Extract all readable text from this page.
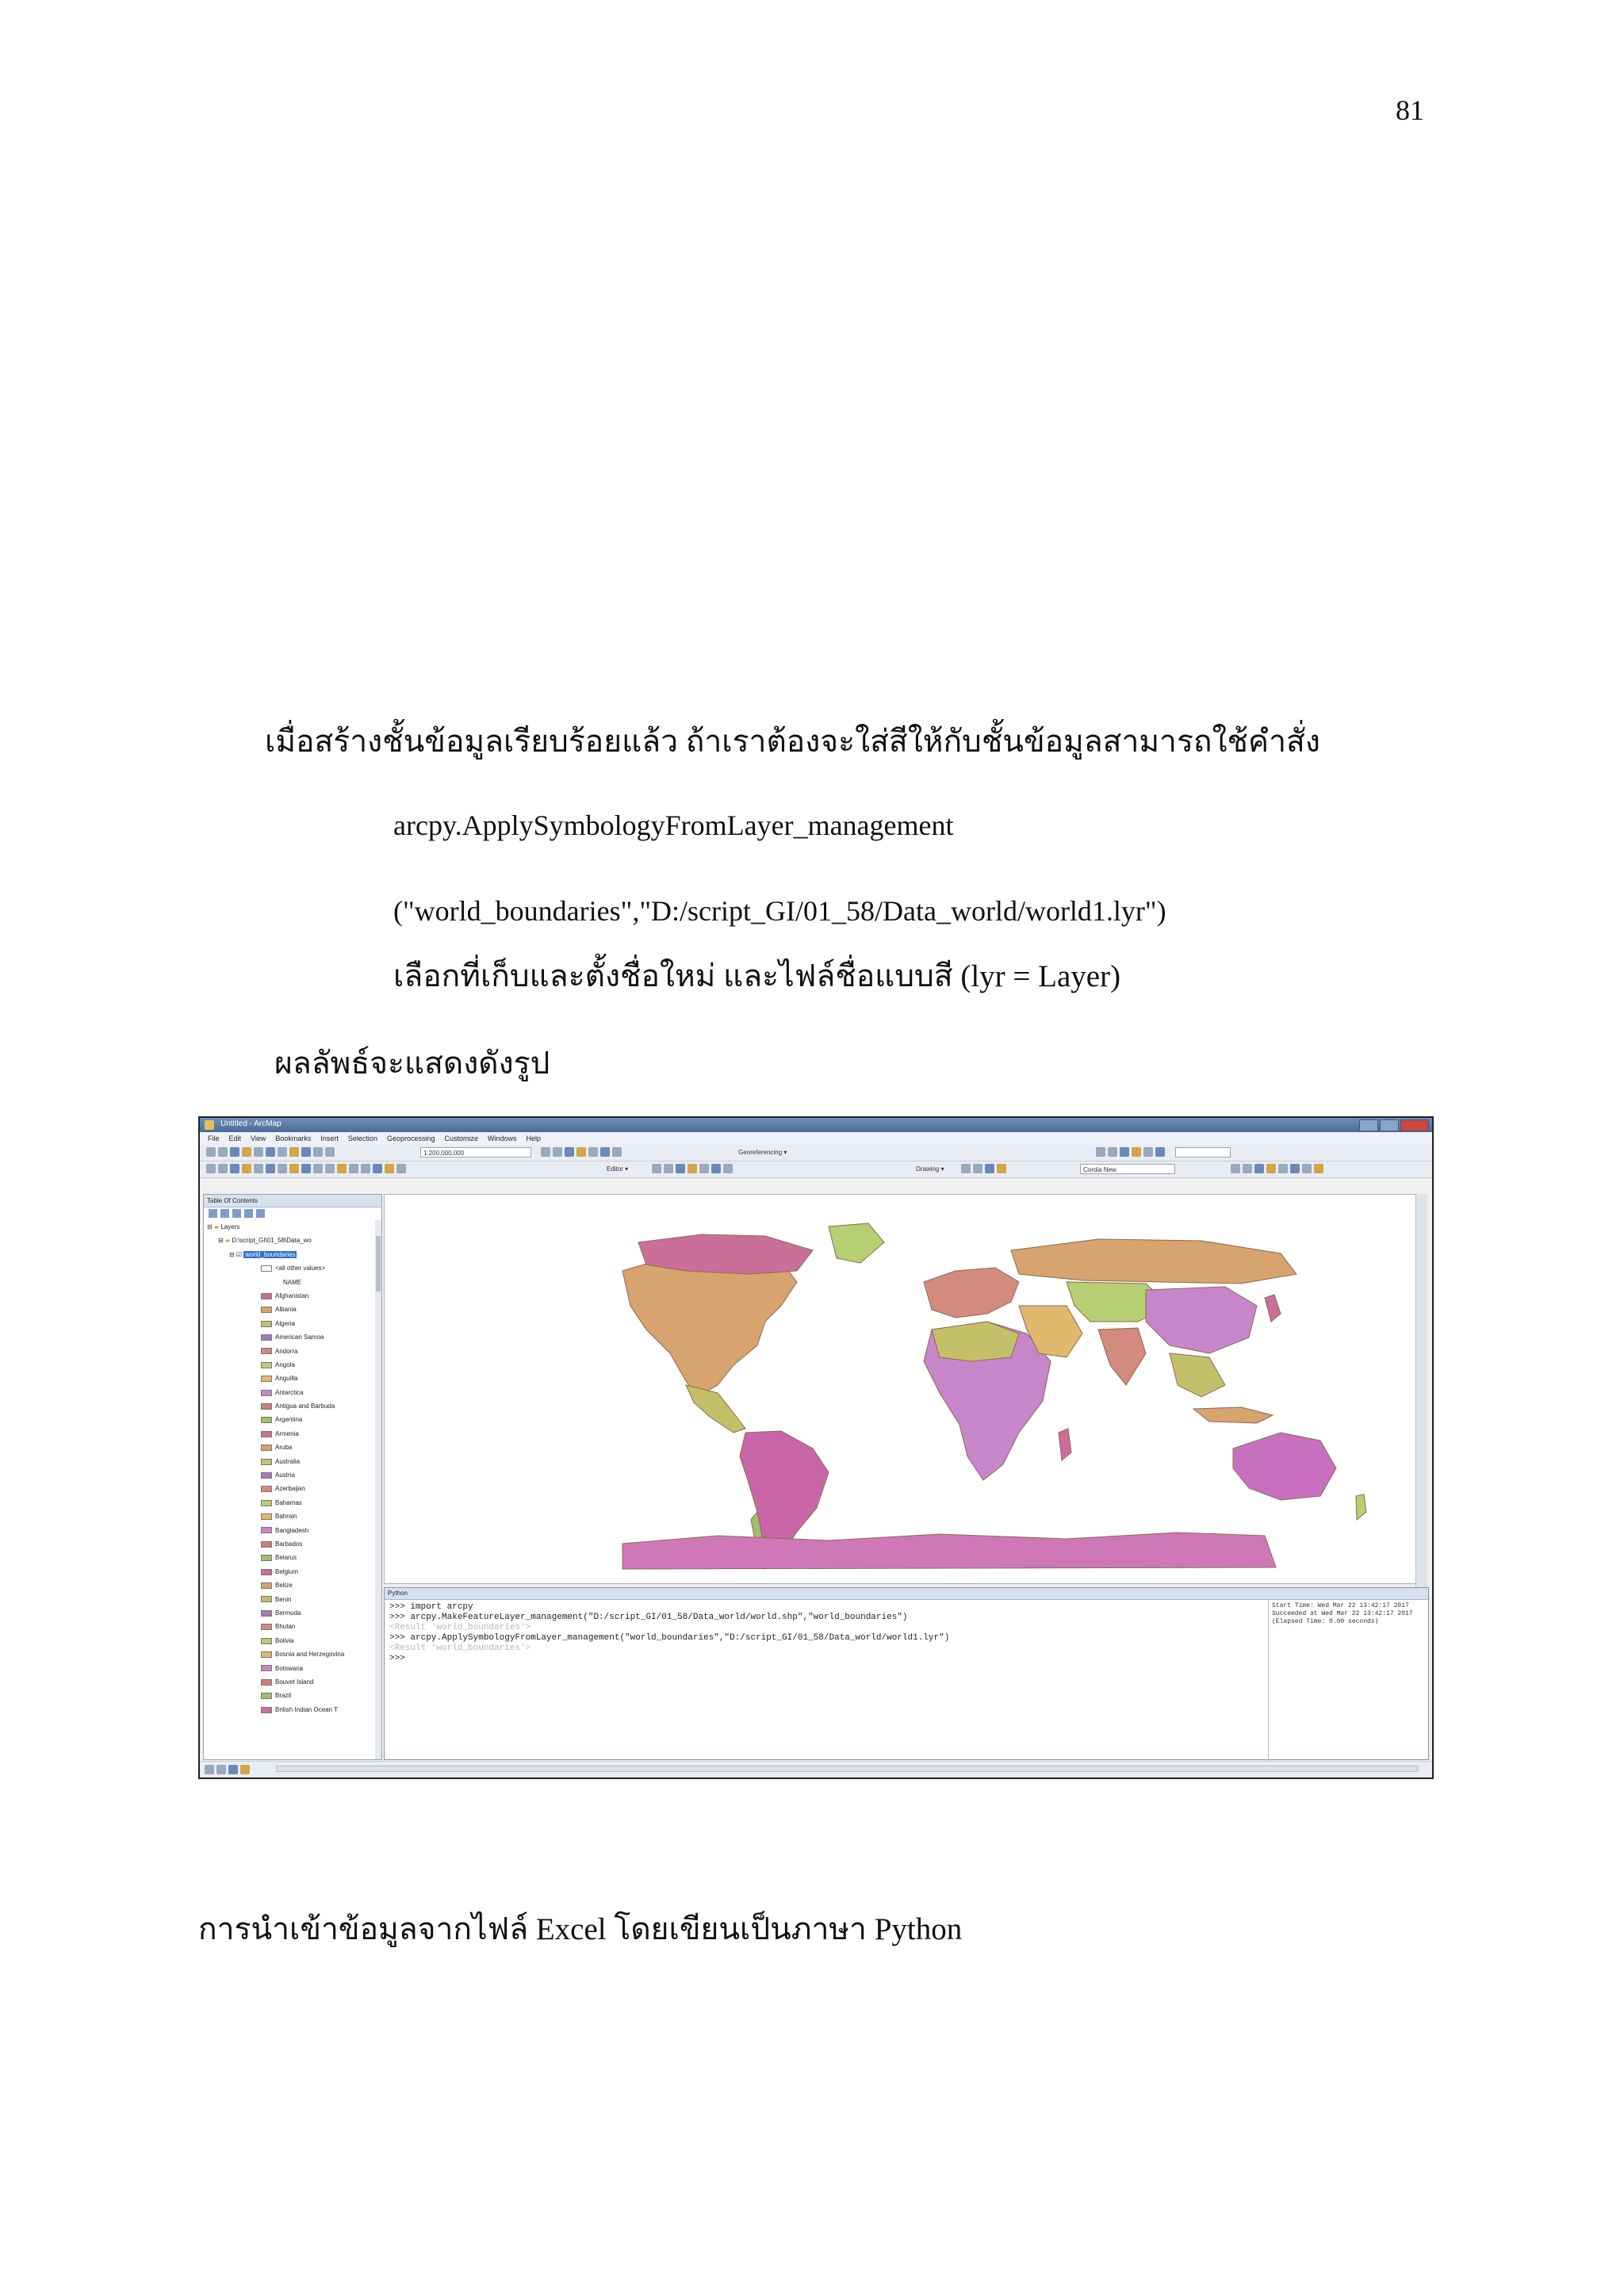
81
เมื่อสร้างชั้นข้อมูลเรียบร้อยแล้ว ถ้าเราต้องจะใส่สีให้กับชั้นข้อมูลสามารถใช้คำสั่ง
arcpy.ApplySymbologyFromLayer_management
("world_boundaries","D:/script_GI/01_58/Data_world/world1.lyr")
เลือกที่เก็บและตั้งชื่อใหม่ และไฟล์ชื่อแบบสี (lyr = Layer)
ผลลัพธ์จะแสดงดังรูป
Untitled - ArcMap
File Edit View Bookmarks Insert Selection Geoprocessing Customize Windows Help
1:200,000,000	Georeferencing ▾
Editor ▾	Drawing ▾	Cordia New
Table Of Contents
⊟ ▰ Layers
⊟ ▰ D:\script_GI\01_58\Data_wo
⊟ ☑ world_boundaries
<all other values>
NAME
Afghanistan
Albania
Algeria
American Samoa
Andorra
Angola
Anguilla
Antarctica
Antigua and Barbuda
Argentina
Armenia
Aruba
Australia
Austria
Azerbaijan
Bahamas
Bahrain
Bangladesh
Barbados
Belarus
Belgium
Belize
Benin
Bermuda
Bhutan
Bolivia
Bosnia and Herzegovina
Botswana
Bouvet Island
Brazil
British Indian Ocean T
Python
>>> import arcpy
>>> arcpy.MakeFeatureLayer_management("D:/script_GI/01_58/Data_world/world.shp","world_boundaries")
<Result 'world_boundaries'>
>>> arcpy.ApplySymbologyFromLayer_management("world_boundaries","D:/script_GI/01_58/Data_world/world1.lyr")
<Result 'world_boundaries'>
>>>
Start Time: Wed Mar 22 13:42:17 2017
Succeeded at Wed Mar 22 13:42:17 2017 (Elapsed Time: 0.00 seconds)
การนำเข้าข้อมูลจากไฟล์ Excel โดยเขียนเป็นภาษา Python
